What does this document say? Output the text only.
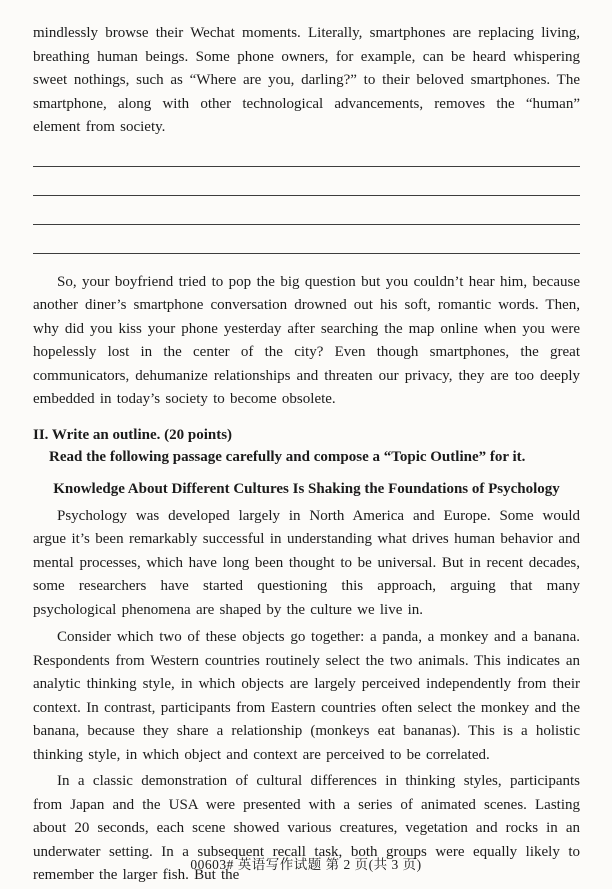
mindlessly browse their Wechat moments. Literally, smartphones are replacing living, breathing human beings. Some phone owners, for example, can be heard whispering sweet nothings, such as “Where are you, darling?” to their beloved smartphones. The smartphone, along with other technological advancements, removes the “human” element from society.

So, your boyfriend tried to pop the big question but you couldn’t hear him, because another diner’s smartphone conversation drowned out his soft, romantic words. Then, why did you kiss your phone yesterday after searching the map online when you were hopelessly lost in the center of the city? Even though smartphones, the great communicators, dehumanize relationships and threaten our privacy, they are too deeply embedded in today’s society to become obsolete.

II. Write an outline. (20 points)
Read the following passage carefully and compose a “Topic Outline” for it.
Knowledge About Different Cultures Is Shaking the Foundations of Psychology

Psychology was developed largely in North America and Europe. Some would argue it’s been remarkably successful in understanding what drives human behavior and mental processes, which have long been thought to be universal. But in recent decades, some researchers have started questioning this approach, arguing that many psychological phenomena are shaped by the culture we live in.

Consider which two of these objects go together: a panda, a monkey and a banana. Respondents from Western countries routinely select the two animals. This indicates an analytic thinking style, in which objects are largely perceived independently from their context. In contrast, participants from Eastern countries often select the monkey and the banana, because they share a relationship (monkeys eat bananas). This is a holistic thinking style, in which object and context are perceived to be correlated.

In a classic demonstration of cultural differences in thinking styles, participants from Japan and the USA were presented with a series of animated scenes. Lasting about 20 seconds, each scene showed various creatures, vegetation and rocks in an underwater setting. In a subsequent recall task, both groups were equally likely to remember the larger fish. But the

00603# 英语写作试题 第 2 页(共 3 页)
